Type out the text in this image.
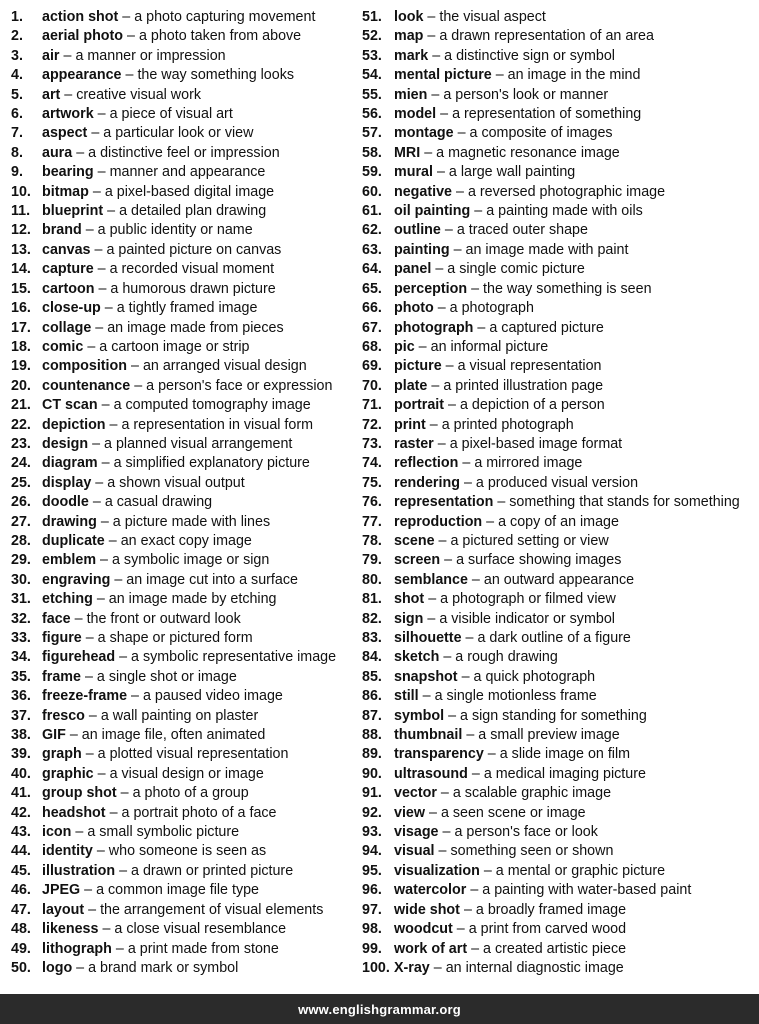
1.	action shot – a photo capturing movement
2.	aerial photo – a photo taken from above
3.	air – a manner or impression
4.	appearance – the way something looks
5.	art – creative visual work
6.	artwork – a piece of visual art
7.	aspect – a particular look or view
8.	aura – a distinctive feel or impression
9.	bearing – manner and appearance
10. bitmap – a pixel-based digital image
11. blueprint – a detailed plan drawing
12. brand – a public identity or name
13. canvas – a painted picture on canvas
14. capture – a recorded visual moment
15. cartoon – a humorous drawn picture
16. close-up – a tightly framed image
17. collage – an image made from pieces
18. comic – a cartoon image or strip
19. composition – an arranged visual design
20. countenance – a person's face or expression
21. CT scan – a computed tomography image
22. depiction – a representation in visual form
23. design – a planned visual arrangement
24. diagram – a simplified explanatory picture
25. display – a shown visual output
26. doodle – a casual drawing
27. drawing – a picture made with lines
28. duplicate – an exact copy image
29. emblem – a symbolic image or sign
30. engraving – an image cut into a surface
31. etching – an image made by etching
32. face – the front or outward look
33. figure – a shape or pictured form
34. figurehead – a symbolic representative image
35. frame – a single shot or image
36. freeze-frame – a paused video image
37. fresco – a wall painting on plaster
38. GIF – an image file, often animated
39. graph – a plotted visual representation
40. graphic – a visual design or image
41. group shot – a photo of a group
42. headshot – a portrait photo of a face
43. icon – a small symbolic picture
44. identity – who someone is seen as
45. illustration – a drawn or printed picture
46. JPEG – a common image file type
47. layout – the arrangement of visual elements
48. likeness – a close visual resemblance
49. lithograph – a print made from stone
50. logo – a brand mark or symbol
51. look – the visual aspect
52. map – a drawn representation of an area
53. mark – a distinctive sign or symbol
54. mental picture – an image in the mind
55. mien – a person's look or manner
56. model – a representation of something
57. montage – a composite of images
58. MRI – a magnetic resonance image
59. mural – a large wall painting
60. negative – a reversed photographic image
61. oil painting – a painting made with oils
62. outline – a traced outer shape
63. painting – an image made with paint
64. panel – a single comic picture
65. perception – the way something is seen
66. photo – a photograph
67. photograph – a captured picture
68. pic – an informal picture
69. picture – a visual representation
70. plate – a printed illustration page
71. portrait – a depiction of a person
72. print – a printed photograph
73. raster – a pixel-based image format
74. reflection – a mirrored image
75. rendering – a produced visual version
76. representation – something that stands for something
77. reproduction – a copy of an image
78. scene – a pictured setting or view
79. screen – a surface showing images
80. semblance – an outward appearance
81. shot – a photograph or filmed view
82. sign – a visible indicator or symbol
83. silhouette – a dark outline of a figure
84. sketch – a rough drawing
85. snapshot – a quick photograph
86. still – a single motionless frame
87. symbol – a sign standing for something
88. thumbnail – a small preview image
89. transparency – a slide image on film
90. ultrasound – a medical imaging picture
91. vector – a scalable graphic image
92. view – a seen scene or image
93. visage – a person's face or look
94. visual – something seen or shown
95. visualization – a mental or graphic picture
96. watercolor – a painting with water-based paint
97. wide shot – a broadly framed image
98. woodcut – a print from carved wood
99. work of art – a created artistic piece
100. X-ray – an internal diagnostic image
www.englishgrammar.org
